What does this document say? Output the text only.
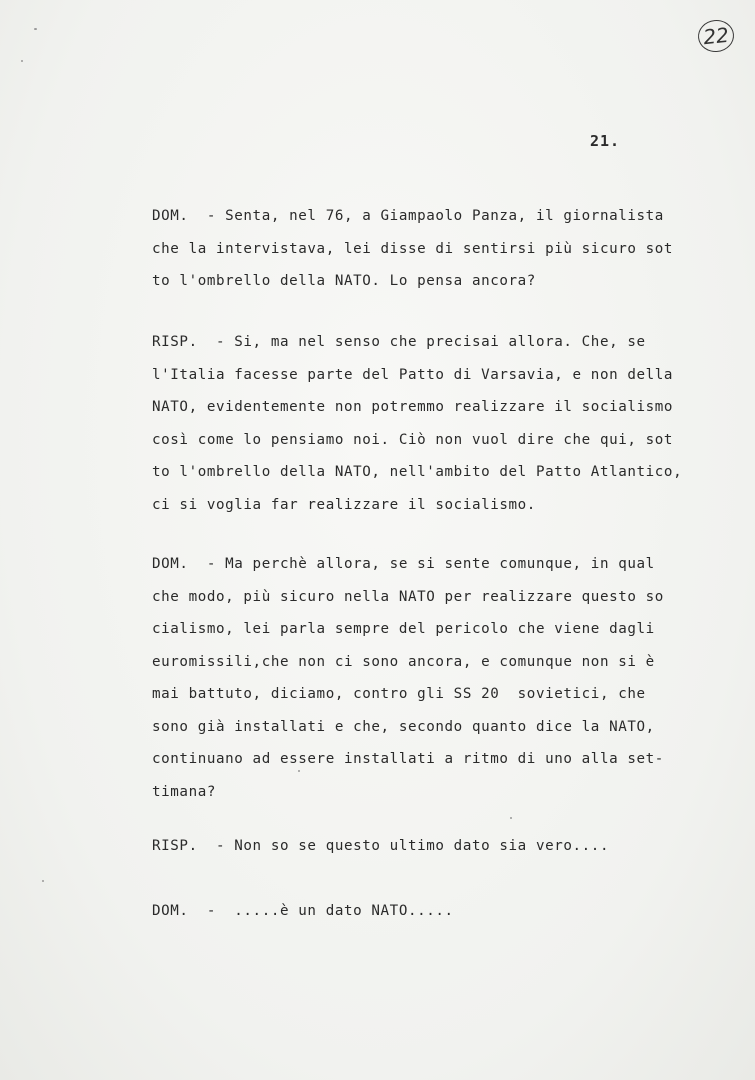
22
21.
DOM.  - Senta, nel 76, a Giampaolo Panza, il giornalista
che la intervistava, lei disse di sentirsi più sicuro sot
to l'ombrello della NATO. Lo pensa ancora?
RISP.  - Si, ma nel senso che precisai allora. Che, se
l'Italia facesse parte del Patto di Varsavia, e non della
NATO, evidentemente non potremmo realizzare il socialismo
così come lo pensiamo noi. Ciò non vuol dire che qui, sot
to l'ombrello della NATO, nell'ambito del Patto Atlantico,
ci si voglia far realizzare il socialismo.
DOM.  - Ma perchè allora, se si sente comunque, in qual
che modo, più sicuro nella NATO per realizzare questo so
cialismo, lei parla sempre del pericolo che viene dagli
euromissili,che non ci sono ancora, e comunque non si è
mai battuto, diciamo, contro gli SS 20  sovietici, che
sono già installati e che, secondo quanto dice la NATO,
continuano ad essere installati a ritmo di uno alla set-
timana?
RISP.  - Non so se questo ultimo dato sia vero....
DOM.  -  .....è un dato NATO.....
